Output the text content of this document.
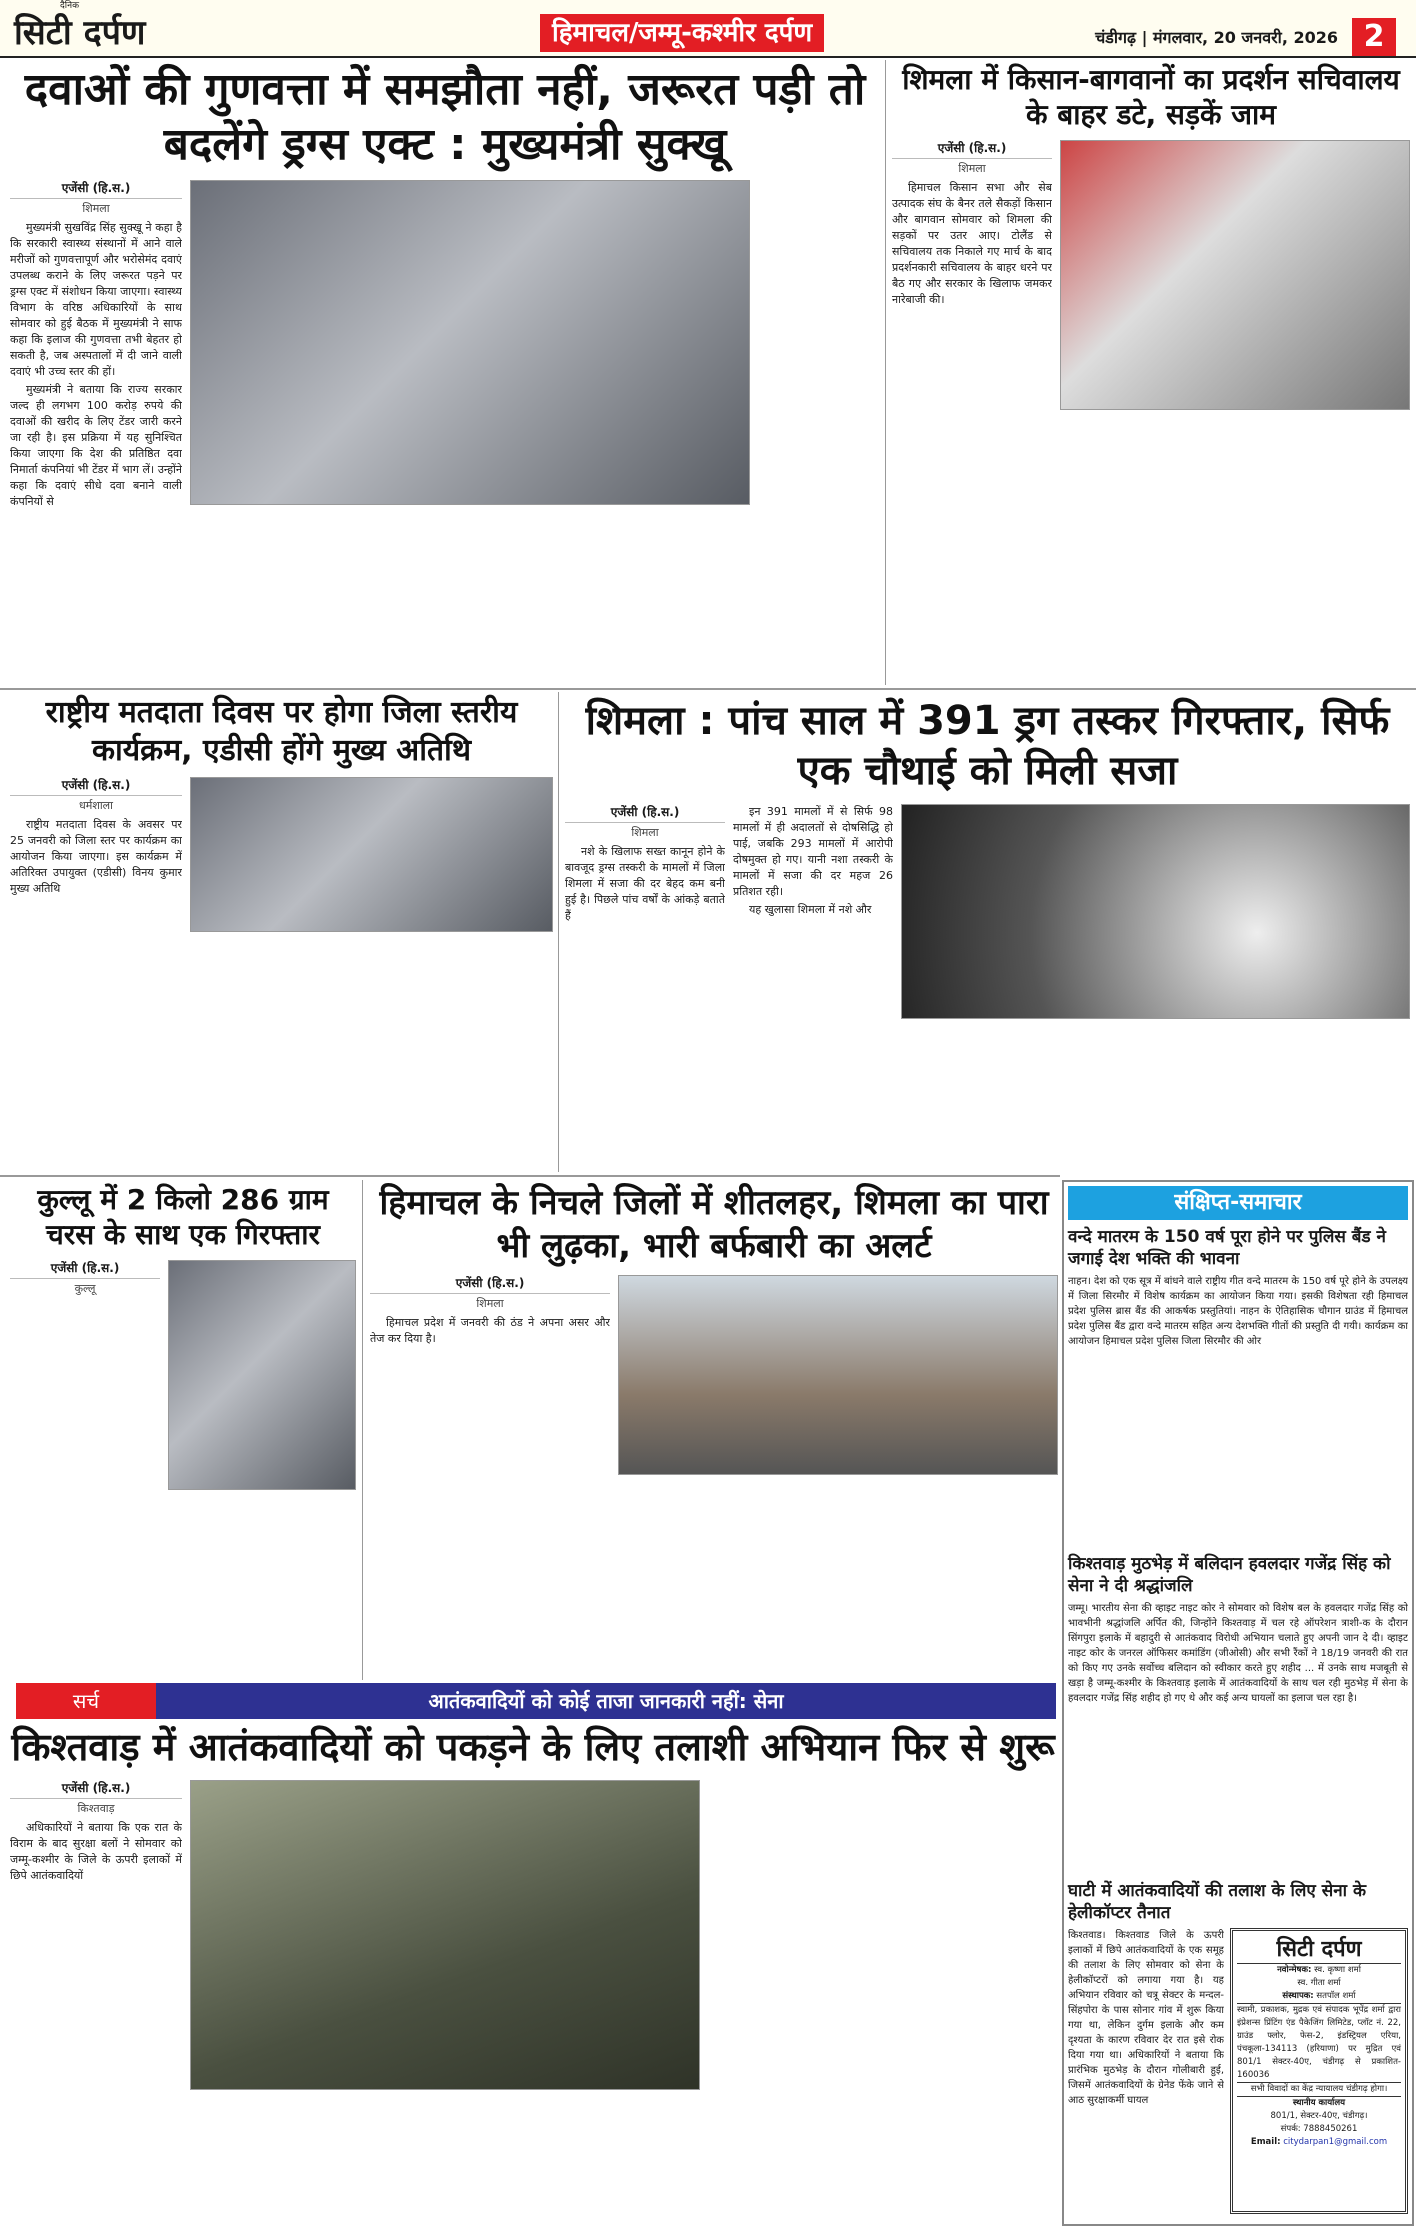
सिटी दर्पण
दैनिक
हिमाचल/जम्मू-कश्मीर दर्पण	चंडीगढ़ | मंगलवार, 20 जनवरी, 2026 2
दवाओं की गुणवत्ता में समझौता नहीं, जरूरत पड़ी तो बदलेंगे ड्रग्स एक्ट : मुख्यमंत्री सुक्खू
एजेंसी (हि.स.)
शिमला

मुख्यमंत्री सुखविंद्र सिंह सुक्खू ने कहा है कि सरकारी स्वास्थ्य संस्थानों में आने वाले मरीजों को गुणवत्तापूर्ण और भरोसेमंद दवाएं उपलब्ध कराने के लिए जरूरत पड़ने पर ड्रग्स एक्ट में संशोधन किया जाएगा। स्वास्थ्य विभाग के वरिष्ठ अधिकारियों के साथ सोमवार को हुई बैठक में मुख्यमंत्री ने साफ कहा कि इलाज की गुणवत्ता तभी बेहतर हो सकती है, जब अस्पतालों में दी जाने वाली दवाएं भी उच्च स्तर की हों।

मुख्यमंत्री ने बताया कि राज्य सरकार जल्द ही लगभग 100 करोड़ रुपये की दवाओं की खरीद के लिए टेंडर जारी करने जा रही है। इस प्रक्रिया में यह सुनिश्चित किया जाएगा कि देश की प्रतिष्ठित दवा निमार्ता कंपनियां भी टेंडर में भाग लें। उन्होंने कहा कि दवाएं सीधे दवा बनाने वाली कंपनियों से

शिमला में किसान-बागवानों का प्रदर्शन सचिवालय के बाहर डटे, सड़कें जाम
एजेंसी (हि.स.)
शिमला

हिमाचल किसान सभा और सेब उत्पादक संघ के बैनर तले सैकड़ों किसान और बागवान सोमवार को शिमला की सड़कों पर उतर आए। टोलैंड से सचिवालय तक निकाले गए मार्च के बाद प्रदर्शनकारी सचिवालय के बाहर धरने पर बैठ गए और सरकार के खिलाफ जमकर नारेबाजी की।

राष्ट्रीय मतदाता दिवस पर होगा जिला स्तरीय कार्यक्रम, एडीसी होंगे मुख्य अतिथि
एजेंसी (हि.स.)
धर्मशाला

राष्ट्रीय मतदाता दिवस के अवसर पर 25 जनवरी को जिला स्तर पर कार्यक्रम का आयोजन किया जाएगा। इस कार्यक्रम में अतिरिक्त उपायुक्त (एडीसी) विनय कुमार मुख्य अतिथि

शिमला : पांच साल में 391 ड्रग तस्कर गिरफ्तार, सिर्फ एक चौथाई को मिली सजा
एजेंसी (हि.स.)
शिमला

नशे के खिलाफ सख्त कानून होने के बावजूद ड्रग्स तस्करी के मामलों में जिला शिमला में सजा की दर बेहद कम बनी हुई है। पिछले पांच वर्षों के आंकड़े बताते हैं

इन 391 मामलों में से सिर्फ 98 मामलों में ही अदालतों से दोषसिद्धि हो पाई, जबकि 293 मामलों में आरोपी दोषमुक्त हो गए। यानी नशा तस्करी के मामलों में सजा की दर महज 26 प्रतिशत रही।

यह खुलासा शिमला में नशे और

कुल्लू में 2 किलो 286 ग्राम चरस के साथ एक गिरफ्तार
एजेंसी (हि.स.)
कुल्लू
हिमाचल के निचले जिलों में शीतलहर, शिमला का पारा भी लुढ़का, भारी बर्फबारी का अलर्ट
एजेंसी (हि.स.)
शिमला

हिमाचल प्रदेश में जनवरी की ठंड ने अपना असर और तेज कर दिया है।

सर्च	आतंकवादियों को कोई ताजा जानकारी नहीं: सेना
किश्तवाड़ में आतंकवादियों को पकड़ने के लिए तलाशी अभियान फिर से शुरू
एजेंसी (हि.स.)
किश्तवाड़

अधिकारियों ने बताया कि एक रात के विराम के बाद सुरक्षा बलों ने सोमवार को जम्मू-कश्मीर के जिले के ऊपरी इलाकों में छिपे आतंकवादियों

संक्षिप्त-समाचार
वन्दे मातरम के 150 वर्ष पूरा होने पर पुलिस बैंड ने जगाई देश भक्ति की भावना
नाहन। देश को एक सूत्र में बांधने वाले राष्ट्रीय गीत वन्दे मातरम के 150 वर्ष पूरे होने के उपलक्ष्य में जिला सिरमौर में विशेष कार्यक्रम का आयोजन किया गया। इसकी विशेषता रही हिमाचल प्रदेश पुलिस ब्रास बैंड की आकर्षक प्रस्तुतियां। नाहन के ऐतिहासिक चौगान ग्राउंड में हिमाचल प्रदेश पुलिस बैंड द्वारा वन्दे मातरम सहित अन्य देशभक्ति गीतों की प्रस्तुति दी गयी। कार्यक्रम का आयोजन हिमाचल प्रदेश पुलिस जिला सिरमौर की ओर
किश्तवाड़ मुठभेड़ में बलिदान हवलदार गजेंद्र सिंह को सेना ने दी श्रद्धांजलि
जम्मू। भारतीय सेना की व्हाइट नाइट कोर ने सोमवार को विशेष बल के हवलदार गजेंद्र सिंह को भावभीनी श्रद्धांजलि अर्पित की, जिन्होंने किश्तवाड़ में चल रहे ऑपरेशन त्राशी-क के दौरान सिंगपुरा इलाके में बहादुरी से आतंकवाद विरोधी अभियान चलाते हुए अपनी जान दे दी। व्हाइट नाइट कोर के जनरल ऑफिसर कमांडिंग (जीओसी) और सभी रैंकों ने 18/19 जनवरी की रात को किए गए उनके सर्वोच्च बलिदान को स्वीकार करते हुए शहीद ... में उनके साथ मजबूती से खड़ा है जम्मू-कश्मीर के किश्तवाड़ इलाके में आतंकवादियों के साथ चल रही मुठभेड़ में सेना के हवलदार गजेंद्र सिंह शहीद हो गए थे और कई अन्य घायलों का इलाज चल रहा है।
घाटी में आतंकवादियों की तलाश के लिए सेना के हेलीकॉप्टर तैनात
किश्तवाड। किश्तवाड जिले के ऊपरी इलाकों में छिपे आतंकवादियों के एक समूह की तलाश के लिए सोमवार को सेना के हेलीकॉप्टरों को लगाया गया है। यह अभियान रविवार को चत्रू सेक्टर के मन्दल-सिंहपोरा के पास सोनार गांव में शुरू किया गया था, लेकिन दुर्गम इलाके और कम दृश्यता के कारण रविवार देर रात इसे रोक दिया गया था। अधिकारियों ने बताया कि प्रारंभिक मुठभेड़ के दौरान गोलीबारी हुई, जिसमें आतंकवादियों के ग्रेनेड फेंके जाने से आठ सुरक्षाकर्मी घायल
सिटी दर्पण
नवोन्मेषक: स्व. कृष्णा शर्मा
स्व. गीता शर्मा
संस्थापक: सतपॉल शर्मा
स्वामी, प्रकाशक, मुद्रक एवं संपादक भूपेंद्र शर्मा द्वारा इंप्रेशन्स प्रिंटिंग एंड पैकेजिंग लिमिटेड, प्लॉट नं. 22, ग्राउंड फ्लोर, फेस-2, इंडस्ट्रियल एरिया, पंचकूला-134113 (हरियाणा) पर मुद्रित एवं 801/1 सेक्टर-40ए, चंडीगढ़ से प्रकाशित- 160036
सभी विवादों का केंद्र न्यायालय चंडीगढ़ होगा।
स्थानीय कार्यालय
801/1, सेक्टर-40ए, चंडीगढ़।
संपर्क: 7888450261
Email: citydarpan1@gmail.com
